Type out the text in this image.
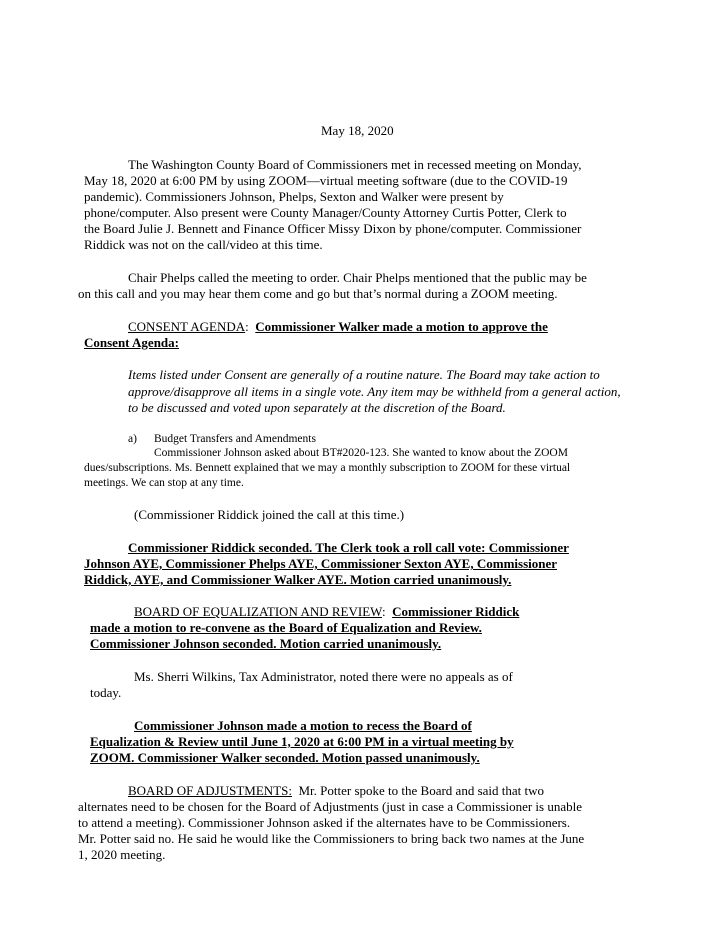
May 18, 2020
The Washington County Board of Commissioners met in recessed meeting on Monday,
May 18, 2020 at 6:00 PM by using ZOOM—virtual meeting software (due to the COVID-19
pandemic). Commissioners Johnson, Phelps, Sexton and Walker were present by
phone/computer. Also present were County Manager/County Attorney Curtis Potter, Clerk to
the Board Julie J. Bennett and Finance Officer Missy Dixon by phone/computer. Commissioner
Riddick was not on the call/video at this time.
Chair Phelps called the meeting to order. Chair Phelps mentioned that the public may be
on this call and you may hear them come and go but that’s normal during a ZOOM meeting.
CONSENT AGENDA: Commissioner Walker made a motion to approve the
Consent Agenda:
Items listed under Consent are generally of a routine nature. The Board may take action to
approve/disapprove all items in a single vote. Any item may be withheld from a general action,
to be discussed and voted upon separately at the discretion of the Board.
a) Budget Transfers and Amendments
Commissioner Johnson asked about BT#2020-123. She wanted to know about the ZOOM
dues/subscriptions. Ms. Bennett explained that we may a monthly subscription to ZOOM for these virtual
meetings. We can stop at any time.
(Commissioner Riddick joined the call at this time.)
Commissioner Riddick seconded. The Clerk took a roll call vote: Commissioner
Johnson AYE, Commissioner Phelps AYE, Commissioner Sexton AYE, Commissioner
Riddick, AYE, and Commissioner Walker AYE. Motion carried unanimously.
BOARD OF EQUALIZATION AND REVIEW: Commissioner Riddick
made a motion to re-convene as the Board of Equalization and Review.
Commissioner Johnson seconded. Motion carried unanimously.
Ms. Sherri Wilkins, Tax Administrator, noted there were no appeals as of
today.
Commissioner Johnson made a motion to recess the Board of
Equalization & Review until June 1, 2020 at 6:00 PM in a virtual meeting by
ZOOM. Commissioner Walker seconded. Motion passed unanimously.
BOARD OF ADJUSTMENTS: Mr. Potter spoke to the Board and said that two
alternates need to be chosen for the Board of Adjustments (just in case a Commissioner is unable
to attend a meeting). Commissioner Johnson asked if the alternates have to be Commissioners.
Mr. Potter said no. He said he would like the Commissioners to bring back two names at the June
1, 2020 meeting.
